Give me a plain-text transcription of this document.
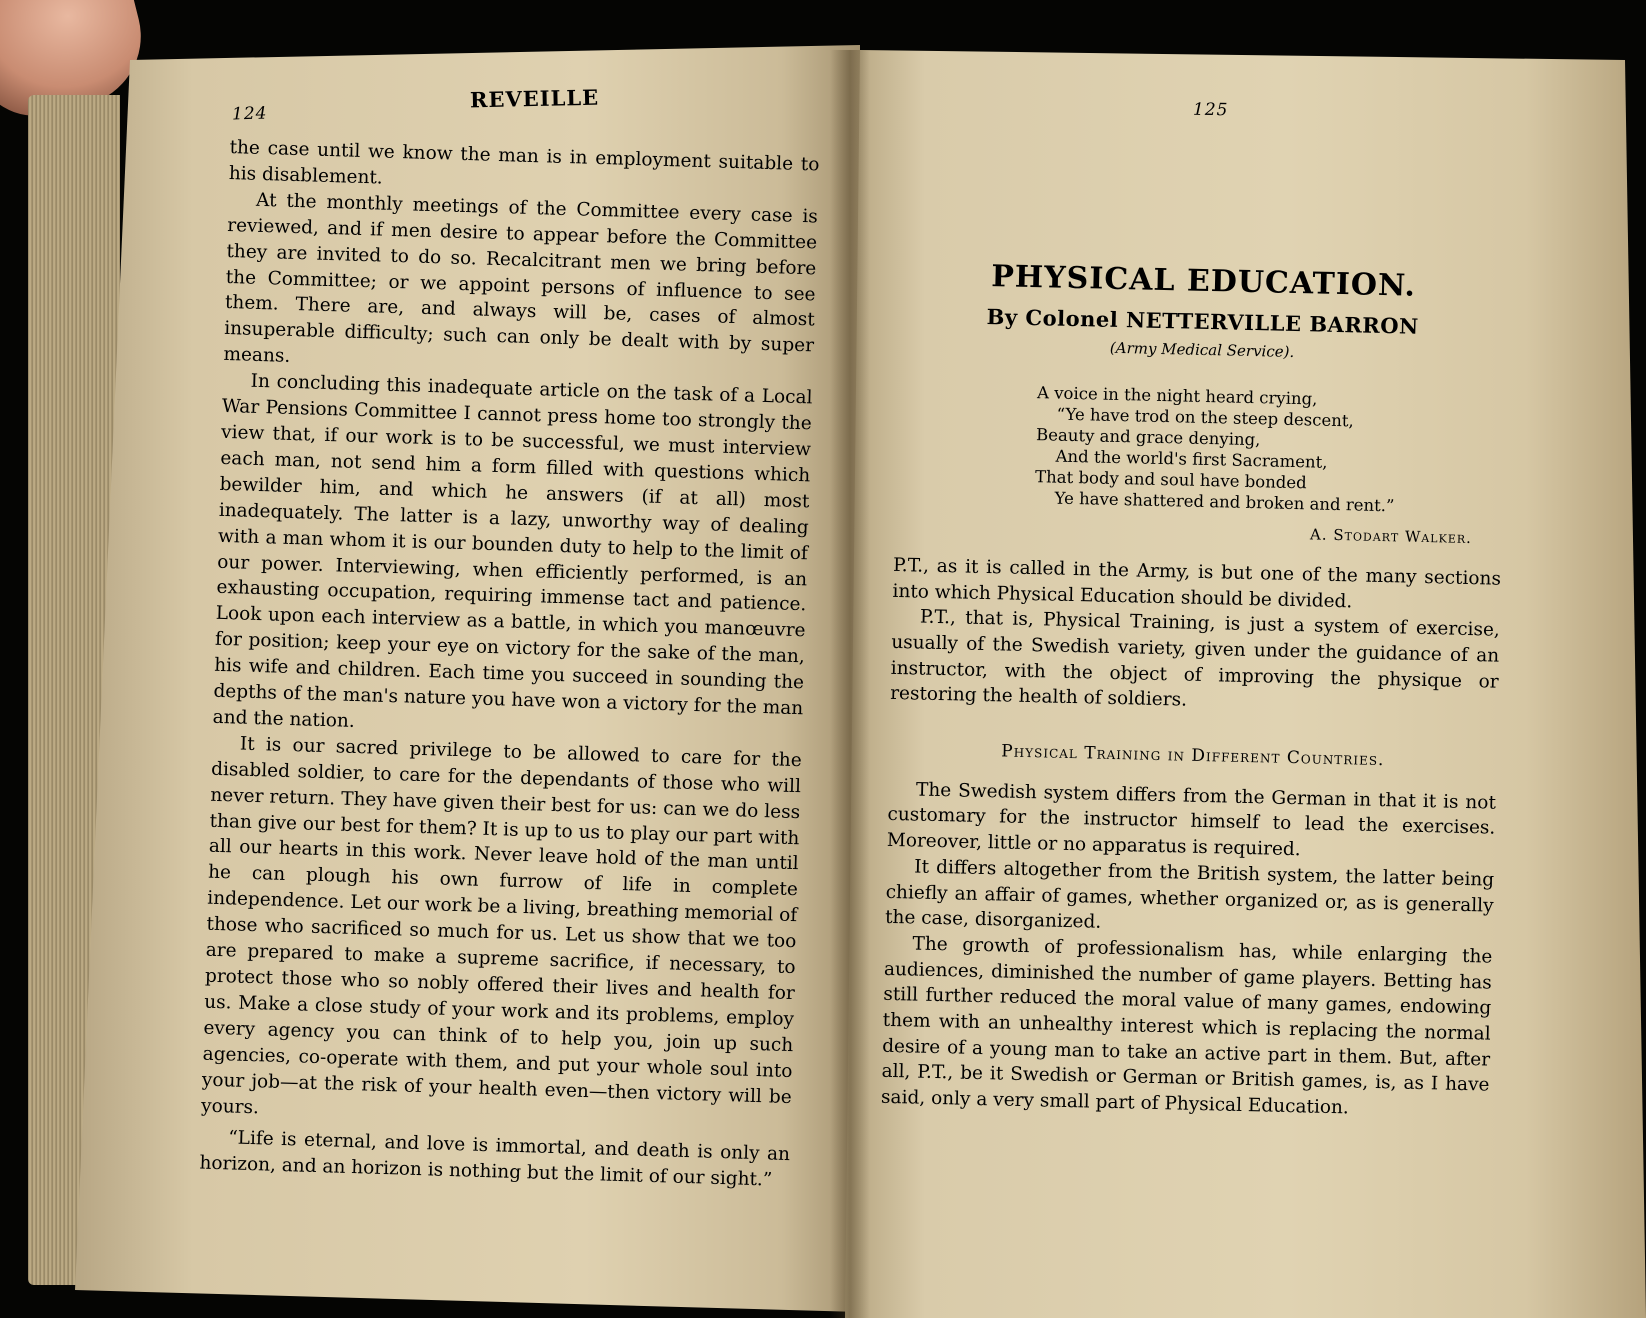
124
REVEILLE

the case until we know the man is in employment suitable to his disablement.

At the monthly meetings of the Committee every case is reviewed, and if men desire to appear before the Committee they are invited to do so. Recalcitrant men we bring before the Committee; or we appoint persons of influence to see them. There are, and always will be, cases of almost insuperable difficulty; such can only be dealt with by super means.

In concluding this inadequate article on the task of a Local War Pensions Committee I cannot press home too strongly the view that, if our work is to be successful, we must interview each man, not send him a form filled with questions which bewilder him, and which he answers (if at all) most inadequately. The latter is a lazy, unworthy way of dealing with a man whom it is our bounden duty to help to the limit of our power. Interviewing, when efficiently performed, is an exhausting occupation, requiring immense tact and patience. Look upon each interview as a battle, in which you manœuvre for position; keep your eye on victory for the sake of the man, his wife and children. Each time you succeed in sounding the depths of the man's nature you have won a victory for the man and the nation.

It is our sacred privilege to be allowed to care for the disabled soldier, to care for the dependants of those who will never return. They have given their best for us: can we do less than give our best for them? It is up to us to play our part with all our hearts in this work. Never leave hold of the man until he can plough his own furrow of life in complete independence. Let our work be a living, breathing memorial of those who sacrificed so much for us. Let us show that we too are prepared to make a supreme sacrifice, if necessary, to protect those who so nobly offered their lives and health for us. Make a close study of your work and its problems, employ every agency you can think of to help you, join up such agencies, co-operate with them, and put your whole soul into your job—at the risk of your health even—then victory will be yours.

“Life is eternal, and love is immortal, and death is only an horizon, and an horizon is nothing but the limit of our sight.”

125
PHYSICAL EDUCATION.
By Colonel NETTERVILLE BARRON
(Army Medical Service).
A voice in the night heard crying,
“Ye have trod on the steep descent,
Beauty and grace denying,
And the world's first Sacrament,
That body and soul have bonded
Ye have shattered and broken and rent.”
A. Stodart Walker.

P.T., as it is called in the Army, is but one of the many sections into which Physical Education should be divided.

P.T., that is, Physical Training, is just a system of exercise, usually of the Swedish variety, given under the guidance of an instructor, with the object of improving the physique or restoring the health of soldiers.

Physical Training in Different Countries.

The Swedish system differs from the German in that it is not customary for the instructor himself to lead the exercises. Moreover, little or no apparatus is required.

It differs altogether from the British system, the latter being chiefly an affair of games, whether organized or, as is generally the case, disorganized.

The growth of professionalism has, while enlarging the audiences, diminished the number of game players. Betting has still further reduced the moral value of many games, endowing them with an unhealthy interest which is replacing the normal desire of a young man to take an active part in them. But, after all, P.T., be it Swedish or German or British games, is, as I have said, only a very small part of Physical Education.
